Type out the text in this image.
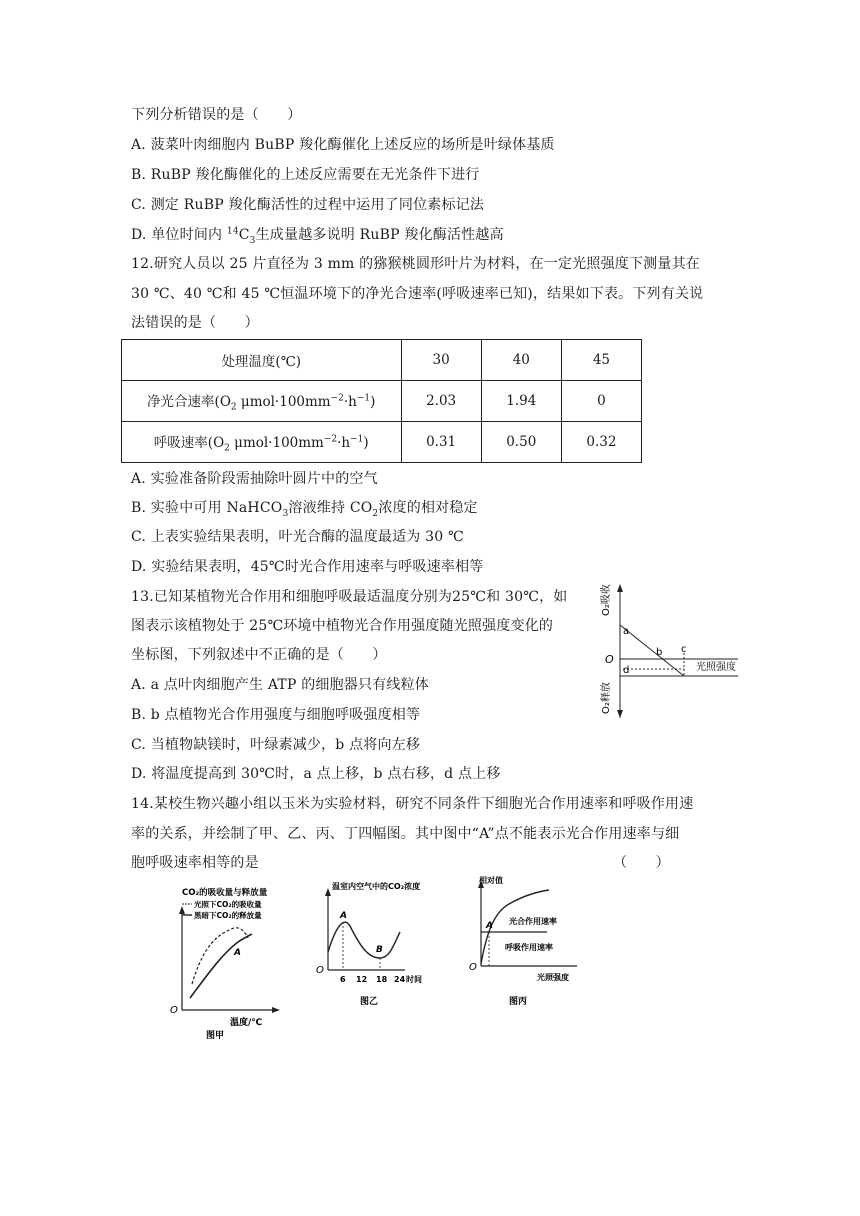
下列分析错误的是（　　）
A. 菠菜叶肉细胞内 BuBP 羧化酶催化上述反应的场所是叶绿体基质
B. RuBP 羧化酶催化的上述反应需要在无光条件下进行
C. 测定 RuBP 羧化酶活性的过程中运用了同位素标记法
D. 单位时间内 $^{14}C_3$生成量越多说明 RuBP 羧化酶活性越高
12.研究人员以 25 片直径为 3 mm 的猕猴桃圆形叶片为材料，在一定光照强度下测量其在
30 ℃、40 ℃和 45 ℃恒温环境下的净光合速率(呼吸速率已知)，结果如下表。下列有关说
法错误的是（　　）
处理温度(℃)	30	40	45
净光合速率($O_2$ $\mu mol\cdot 100mm^{-2}\cdot h^{-1}$)	2.03	1.94	0
呼吸速率($O_2$ $\mu mol\cdot 100mm^{-2}\cdot h^{-1}$)	0.31	0.50	0.32
A. 实验准备阶段需抽除叶圆片中的空气
B. 实验中可用 NaHCO$_3$溶液维持 $CO_2$浓度的相对稳定
C. 上表实验结果表明，叶光合酶的温度最适为 30 ℃
D. 实验结果表明，45℃时光合作用速率与呼吸速率相等
13.已知某植物光合作用和细胞呼吸最适温度分别为25℃和 30℃，如
图表示该植物处于 25℃环境中植物光合作用强度随光照强度变化的
坐标图，下列叙述中不正确的是（　　）
A. a 点叶肉细胞产生 ATP 的细胞器只有线粒体
B. b 点植物光合作用强度与细胞呼吸强度相等
C. 当植物缺镁时，叶绿素减少，b 点将向左移
D. 将温度提高到 30℃时，a 点上移，b 点右移，d 点上移
O₂吸收
O₂释放
O
a
b c
d	光照强度
14.某校生物兴趣小组以玉米为实验材料，研究不同条件下细胞光合作用速率和呼吸作用速
率的关系，并绘制了甲、乙、丙、丁四幅图。其中图中“A”点不能表示光合作用速率与细
胞呼吸速率相等的是	（　　）
CO₂的吸收量与释放量
光照下CO₂的吸收量
黑暗下CO₂的释放量
A
O
温度/℃
图甲
温室内空气中的CO₂浓度
A
B
O
6 12 18 24 时间
图乙
相对值
A 光合作用速率
呼吸作用速率
O
光照强度
图丙
